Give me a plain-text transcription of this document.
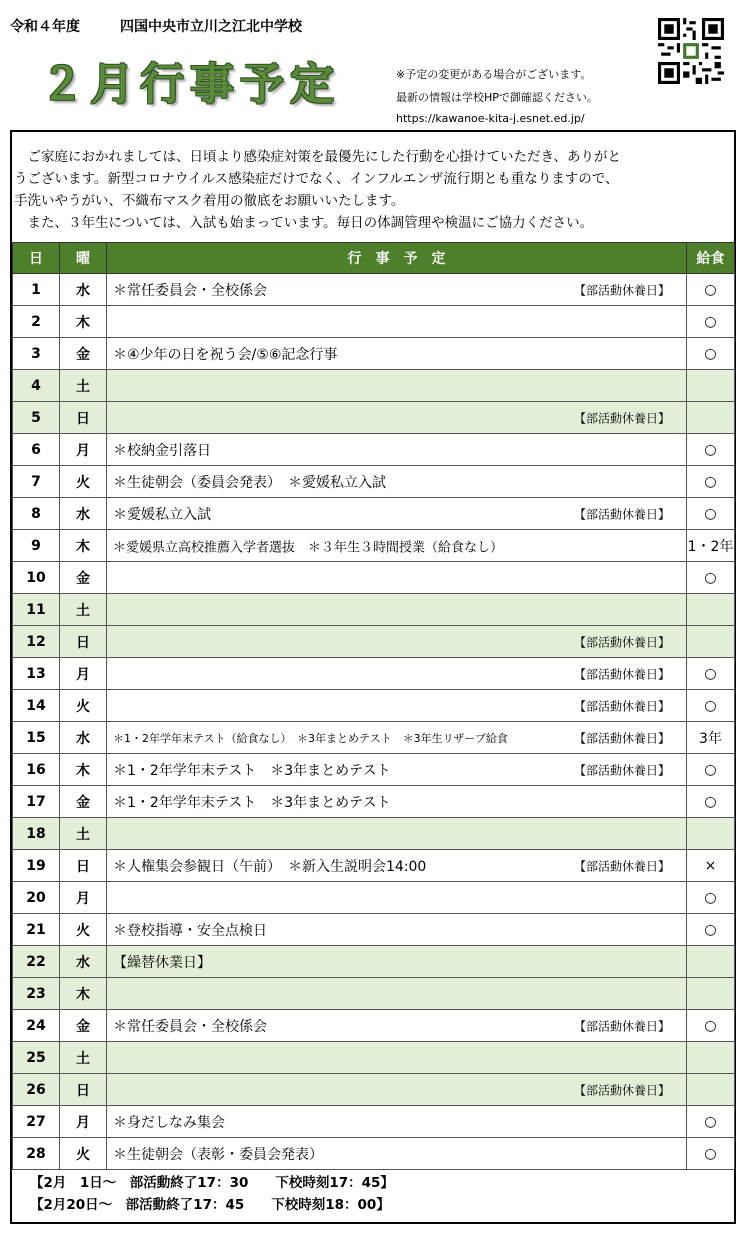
令和４年度	四国中央市立川之江北中学校
２月行事予定	※予定の変更がある場合がございます。
最新の情報は学校HPで御確認ください。
https://kawanoe-kita-j.esnet.ed.jp/

　ご家庭におかれましては、日頃より感染症対策を最優先にした行動を心掛けていただき、ありがと

うございます。新型コロナウイルス感染症だけでなく、インフルエンザ流行期とも重なりますので、

手洗いやうがい、不織布マスク着用の徹底をお願いいたします。

　また、３年生については、入試も始まっています。毎日の体調管理や検温にご協力ください。

日	曜	行　事　予　定	給食
1	水	＊常任委員会・全校係会 【部活動休養日】	○
2	木		○
3	金	＊④少年の日を祝う会/⑤⑥記念行事	○
4	土	

5	日	【部活動休養日】	

6	月	＊校納金引落日	○
7	火	＊生徒朝会（委員会発表）　＊愛媛私立入試	○
8	水	＊愛媛私立入試 【部活動休養日】	○
9	木	＊愛媛県立高校推薦入学者選抜　＊３年生３時間授業（給食なし）	1・2年
10	金		○
11	土	

12	日	【部活動休養日】	

13	月	【部活動休養日】	○
14	火	【部活動休養日】	○
15	水	＊1・2年学年末テスト（給食なし）　＊3年まとめテスト　＊3年生リザーブ給食 【部活動休養日】	3年
16	木	＊1・2年学年末テスト　＊3年まとめテスト 【部活動休養日】	○
17	金	＊1・2年学年末テスト　＊3年まとめテスト	○
18	土	

19	日	＊人権集会参観日（午前）　＊新入生説明会14:00 【部活動休養日】	×
20	月		○
21	火	＊登校指導・安全点検日	○
22	水	【繰替休業日】	

23	木	

24	金	＊常任委員会・全校係会 【部活動休養日】	○
25	土	

26	日	【部活動休養日】	

27	月	＊身だしなみ集会	○
28	火	＊生徒朝会（表彰・委員会発表）	○
【2月　1日～　部活動終了17：30　　下校時刻17：45】
【2月20日～　部活動終了17：45　　下校時刻18：00】
